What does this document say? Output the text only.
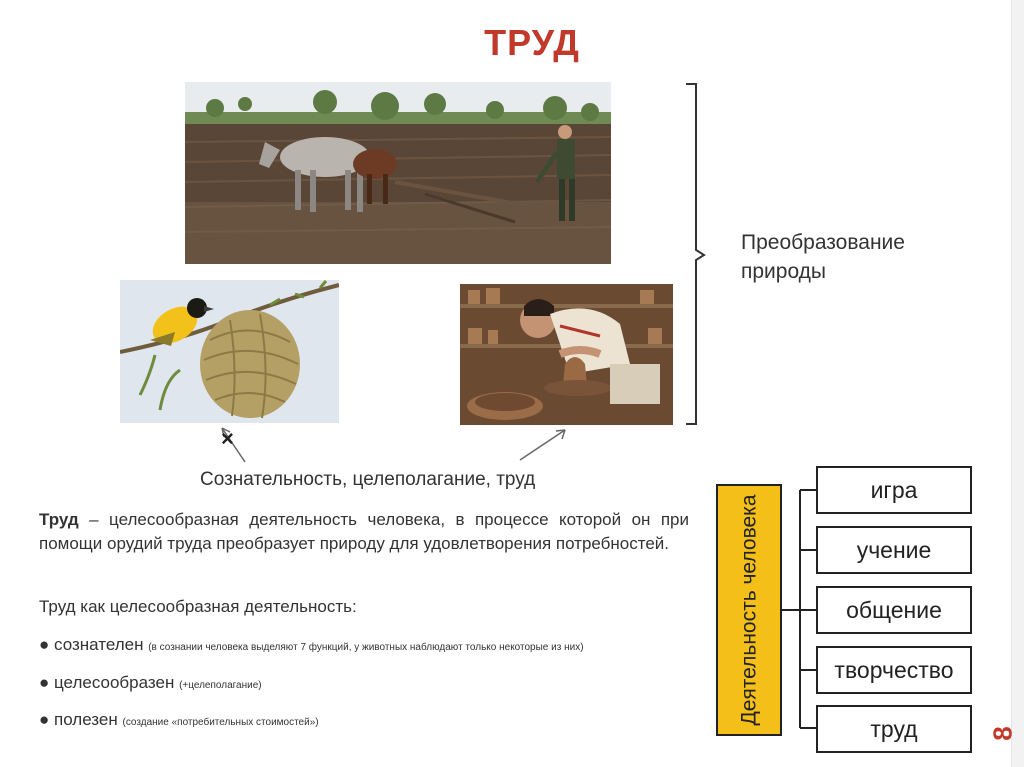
ТРУД
Преобразование
природы
×
Сознательность, целеполагание, труд
Труд – целесообразная деятельность человека, в процессе которой он при помощи орудий труда преобразует природу для удовлетворения потребностей.
Труд как целесообразная деятельность:
● сознателен (в сознании человека выделяют 7 функций, у животных наблюдают только некоторые из них)
● целесообразен (+целеполагание)
● полезен (создание «потребительных стоимостей»)	Деятельность человека
игра
учение
общение
творчество
труд	8
